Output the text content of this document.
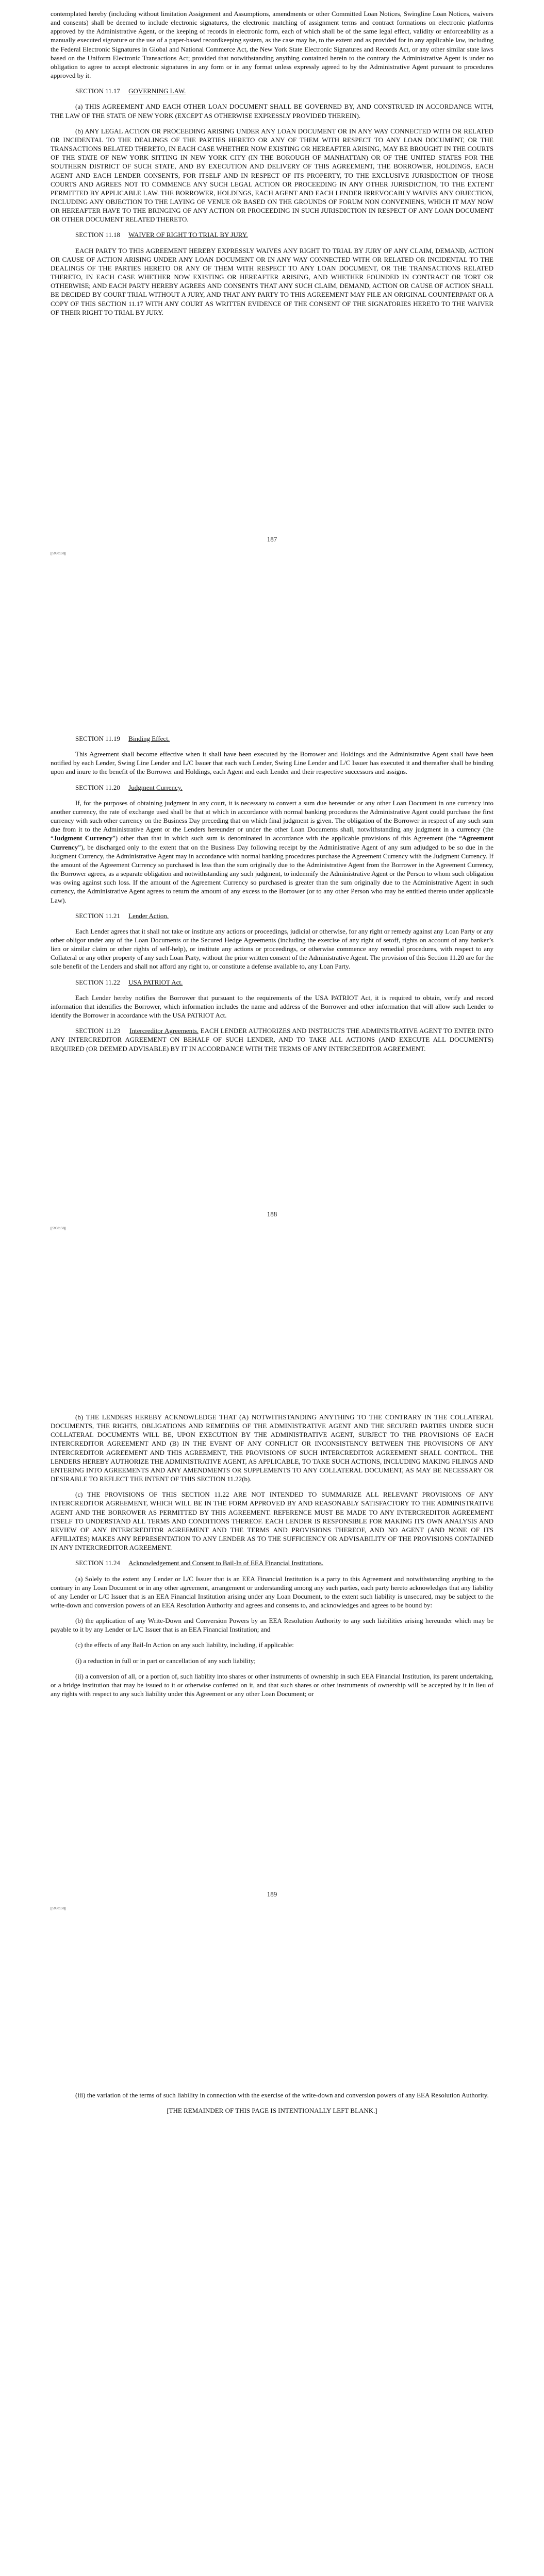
contemplated hereby (including without limitation Assignment and Assumptions, amendments or other Committed Loan Notices, Swingline Loan Notices, waivers and consents) shall be deemed to include electronic signatures, the electronic matching of assignment terms and contract formations on electronic platforms approved by the Administrative Agent, or the keeping of records in electronic form, each of which shall be of the same legal effect, validity or enforceability as a manually executed signature or the use of a paper-based recordkeeping system, as the case may be, to the extent and as provided for in any applicable law, including the Federal Electronic Signatures in Global and National Commerce Act, the New York State Electronic Signatures and Records Act, or any other similar state laws based on the Uniform Electronic Transactions Act; provided that notwithstanding anything contained herein to the contrary the Administrative Agent is under no obligation to agree to accept electronic signatures in any form or in any format unless expressly agreed to by the Administrative Agent pursuant to procedures approved by it.

SECTION 11.17 GOVERNING LAW.

(a) THIS AGREEMENT AND EACH OTHER LOAN DOCUMENT SHALL BE GOVERNED BY, AND CONSTRUED IN ACCORDANCE WITH, THE LAW OF THE STATE OF NEW YORK (EXCEPT AS OTHERWISE EXPRESSLY PROVIDED THEREIN).

(b) ANY LEGAL ACTION OR PROCEEDING ARISING UNDER ANY LOAN DOCUMENT OR IN ANY WAY CONNECTED WITH OR RELATED OR INCIDENTAL TO THE DEALINGS OF THE PARTIES HERETO OR ANY OF THEM WITH RESPECT TO ANY LOAN DOCUMENT, OR THE TRANSACTIONS RELATED THERETO, IN EACH CASE WHETHER NOW EXISTING OR HEREAFTER ARISING, MAY BE BROUGHT IN THE COURTS OF THE STATE OF NEW YORK SITTING IN NEW YORK CITY (IN THE BOROUGH OF MANHATTAN) OR OF THE UNITED STATES FOR THE SOUTHERN DISTRICT OF SUCH STATE, AND BY EXECUTION AND DELIVERY OF THIS AGREEMENT, THE BORROWER, HOLDINGS, EACH AGENT AND EACH LENDER CONSENTS, FOR ITSELF AND IN RESPECT OF ITS PROPERTY, TO THE EXCLUSIVE JURISDICTION OF THOSE COURTS AND AGREES NOT TO COMMENCE ANY SUCH LEGAL ACTION OR PROCEEDING IN ANY OTHER JURISDICTION, TO THE EXTENT PERMITTED BY APPLICABLE LAW. THE BORROWER, HOLDINGS, EACH AGENT AND EACH LENDER IRREVOCABLY WAIVES ANY OBJECTION, INCLUDING ANY OBJECTION TO THE LAYING OF VENUE OR BASED ON THE GROUNDS OF FORUM NON CONVENIENS, WHICH IT MAY NOW OR HEREAFTER HAVE TO THE BRINGING OF ANY ACTION OR PROCEEDING IN SUCH JURISDICTION IN RESPECT OF ANY LOAN DOCUMENT OR OTHER DOCUMENT RELATED THERETO.

SECTION 11.18 WAIVER OF RIGHT TO TRIAL BY JURY.

EACH PARTY TO THIS AGREEMENT HEREBY EXPRESSLY WAIVES ANY RIGHT TO TRIAL BY JURY OF ANY CLAIM, DEMAND, ACTION OR CAUSE OF ACTION ARISING UNDER ANY LOAN DOCUMENT OR IN ANY WAY CONNECTED WITH OR RELATED OR INCIDENTAL TO THE DEALINGS OF THE PARTIES HERETO OR ANY OF THEM WITH RESPECT TO ANY LOAN DOCUMENT, OR THE TRANSACTIONS RELATED THERETO, IN EACH CASE WHETHER NOW EXISTING OR HEREAFTER ARISING, AND WHETHER FOUNDED IN CONTRACT OR TORT OR OTHERWISE; AND EACH PARTY HEREBY AGREES AND CONSENTS THAT ANY SUCH CLAIM, DEMAND, ACTION OR CAUSE OF ACTION SHALL BE DECIDED BY COURT TRIAL WITHOUT A JURY, AND THAT ANY PARTY TO THIS AGREEMENT MAY FILE AN ORIGINAL COUNTERPART OR A COPY OF THIS SECTION 11.17 WITH ANY COURT AS WRITTEN EVIDENCE OF THE CONSENT OF THE SIGNATORIES HERETO TO THE WAIVER OF THEIR RIGHT TO TRIAL BY JURY.

187
[[5950158]]

SECTION 11.19 Binding Effect.

This Agreement shall become effective when it shall have been executed by the Borrower and Holdings and the Administrative Agent shall have been notified by each Lender, Swing Line Lender and L/C Issuer that each such Lender, Swing Line Lender and L/C Issuer has executed it and thereafter shall be binding upon and inure to the benefit of the Borrower and Holdings, each Agent and each Lender and their respective successors and assigns.

SECTION 11.20 Judgment Currency.

If, for the purposes of obtaining judgment in any court, it is necessary to convert a sum due hereunder or any other Loan Document in one currency into another currency, the rate of exchange used shall be that at which in accordance with normal banking procedures the Administrative Agent could purchase the first currency with such other currency on the Business Day preceding that on which final judgment is given. The obligation of the Borrower in respect of any such sum due from it to the Administrative Agent or the Lenders hereunder or under the other Loan Documents shall, notwithstanding any judgment in a currency (the “Judgment Currency”) other than that in which such sum is denominated in accordance with the applicable provisions of this Agreement (the “Agreement Currency”), be discharged only to the extent that on the Business Day following receipt by the Administrative Agent of any sum adjudged to be so due in the Judgment Currency, the Administrative Agent may in accordance with normal banking procedures purchase the Agreement Currency with the Judgment Currency. If the amount of the Agreement Currency so purchased is less than the sum originally due to the Administrative Agent from the Borrower in the Agreement Currency, the Borrower agrees, as a separate obligation and notwithstanding any such judgment, to indemnify the Administrative Agent or the Person to whom such obligation was owing against such loss. If the amount of the Agreement Currency so purchased is greater than the sum originally due to the Administrative Agent in such currency, the Administrative Agent agrees to return the amount of any excess to the Borrower (or to any other Person who may be entitled thereto under applicable Law).

SECTION 11.21 Lender Action.

Each Lender agrees that it shall not take or institute any actions or proceedings, judicial or otherwise, for any right or remedy against any Loan Party or any other obligor under any of the Loan Documents or the Secured Hedge Agreements (including the exercise of any right of setoff, rights on account of any banker’s lien or similar claim or other rights of self-help), or institute any actions or proceedings, or otherwise commence any remedial procedures, with respect to any Collateral or any other property of any such Loan Party, without the prior written consent of the Administrative Agent. The provision of this Section 11.20 are for the sole benefit of the Lenders and shall not afford any right to, or constitute a defense available to, any Loan Party.

SECTION 11.22 USA PATRIOT Act.

Each Lender hereby notifies the Borrower that pursuant to the requirements of the USA PATRIOT Act, it is required to obtain, verify and record information that identifies the Borrower, which information includes the name and address of the Borrower and other information that will allow such Lender to identify the Borrower in accordance with the USA PATRIOT Act.

SECTION 11.23 Intercreditor Agreements. EACH LENDER AUTHORIZES AND INSTRUCTS THE ADMINISTRATIVE AGENT TO ENTER INTO ANY INTERCREDITOR AGREEMENT ON BEHALF OF SUCH LENDER, AND TO TAKE ALL ACTIONS (AND EXECUTE ALL DOCUMENTS) REQUIRED (OR DEEMED ADVISABLE) BY IT IN ACCORDANCE WITH THE TERMS OF ANY INTERCREDITOR AGREEMENT.

188
[[5950158]]

(b) THE LENDERS HEREBY ACKNOWLEDGE THAT (A) NOTWITHSTANDING ANYTHING TO THE CONTRARY IN THE COLLATERAL DOCUMENTS, THE RIGHTS, OBLIGATIONS AND REMEDIES OF THE ADMINISTRATIVE AGENT AND THE SECURED PARTIES UNDER SUCH COLLATERAL DOCUMENTS WILL BE, UPON EXECUTION BY THE ADMINISTRATIVE AGENT, SUBJECT TO THE PROVISIONS OF EACH INTERCREDITOR AGREEMENT AND (B) IN THE EVENT OF ANY CONFLICT OR INCONSISTENCY BETWEEN THE PROVISIONS OF ANY INTERCREDITOR AGREEMENT AND THIS AGREEMENT, THE PROVISIONS OF SUCH INTERCREDITOR AGREEMENT SHALL CONTROL. THE LENDERS HEREBY AUTHORIZE THE ADMINISTRATIVE AGENT, AS APPLICABLE, TO TAKE SUCH ACTIONS, INCLUDING MAKING FILINGS AND ENTERING INTO AGREEMENTS AND ANY AMENDMENTS OR SUPPLEMENTS TO ANY COLLATERAL DOCUMENT, AS MAY BE NECESSARY OR DESIRABLE TO REFLECT THE INTENT OF THIS SECTION 11.22(b).

(c) THE PROVISIONS OF THIS SECTION 11.22 ARE NOT INTENDED TO SUMMARIZE ALL RELEVANT PROVISIONS OF ANY INTERCREDITOR AGREEMENT, WHICH WILL BE IN THE FORM APPROVED BY AND REASONABLY SATISFACTORY TO THE ADMINISTRATIVE AGENT AND THE BORROWER AS PERMITTED BY THIS AGREEMENT. REFERENCE MUST BE MADE TO ANY INTERCREDITOR AGREEMENT ITSELF TO UNDERSTAND ALL TERMS AND CONDITIONS THEREOF. EACH LENDER IS RESPONSIBLE FOR MAKING ITS OWN ANALYSIS AND REVIEW OF ANY INTERCREDITOR AGREEMENT AND THE TERMS AND PROVISIONS THEREOF, AND NO AGENT (AND NONE OF ITS AFFILIATES) MAKES ANY REPRESENTATION TO ANY LENDER AS TO THE SUFFICIENCY OR ADVISABILITY OF THE PROVISIONS CONTAINED IN ANY INTERCREDITOR AGREEMENT.

SECTION 11.24 Acknowledgement and Consent to Bail-In of EEA Financial Institutions.

(a) Solely to the extent any Lender or L/C Issuer that is an EEA Financial Institution is a party to this Agreement and notwithstanding anything to the contrary in any Loan Document or in any other agreement, arrangement or understanding among any such parties, each party hereto acknowledges that any liability of any Lender or L/C Issuer that is an EEA Financial Institution arising under any Loan Document, to the extent such liability is unsecured, may be subject to the write-down and conversion powers of an EEA Resolution Authority and agrees and consents to, and acknowledges and agrees to be bound by:

(b) the application of any Write-Down and Conversion Powers by an EEA Resolution Authority to any such liabilities arising hereunder which may be payable to it by any Lender or L/C Issuer that is an EEA Financial Institution; and

(c) the effects of any Bail-In Action on any such liability, including, if applicable:

(i) a reduction in full or in part or cancellation of any such liability;

(ii) a conversion of all, or a portion of, such liability into shares or other instruments of ownership in such EEA Financial Institution, its parent undertaking, or a bridge institution that may be issued to it or otherwise conferred on it, and that such shares or other instruments of ownership will be accepted by it in lieu of any rights with respect to any such liability under this Agreement or any other Loan Document; or

189
[[5950158]]

(iii) the variation of the terms of such liability in connection with the exercise of the write-down and conversion powers of any EEA Resolution Authority.

[THE REMAINDER OF THIS PAGE IS INTENTIONALLY LEFT BLANK.]
